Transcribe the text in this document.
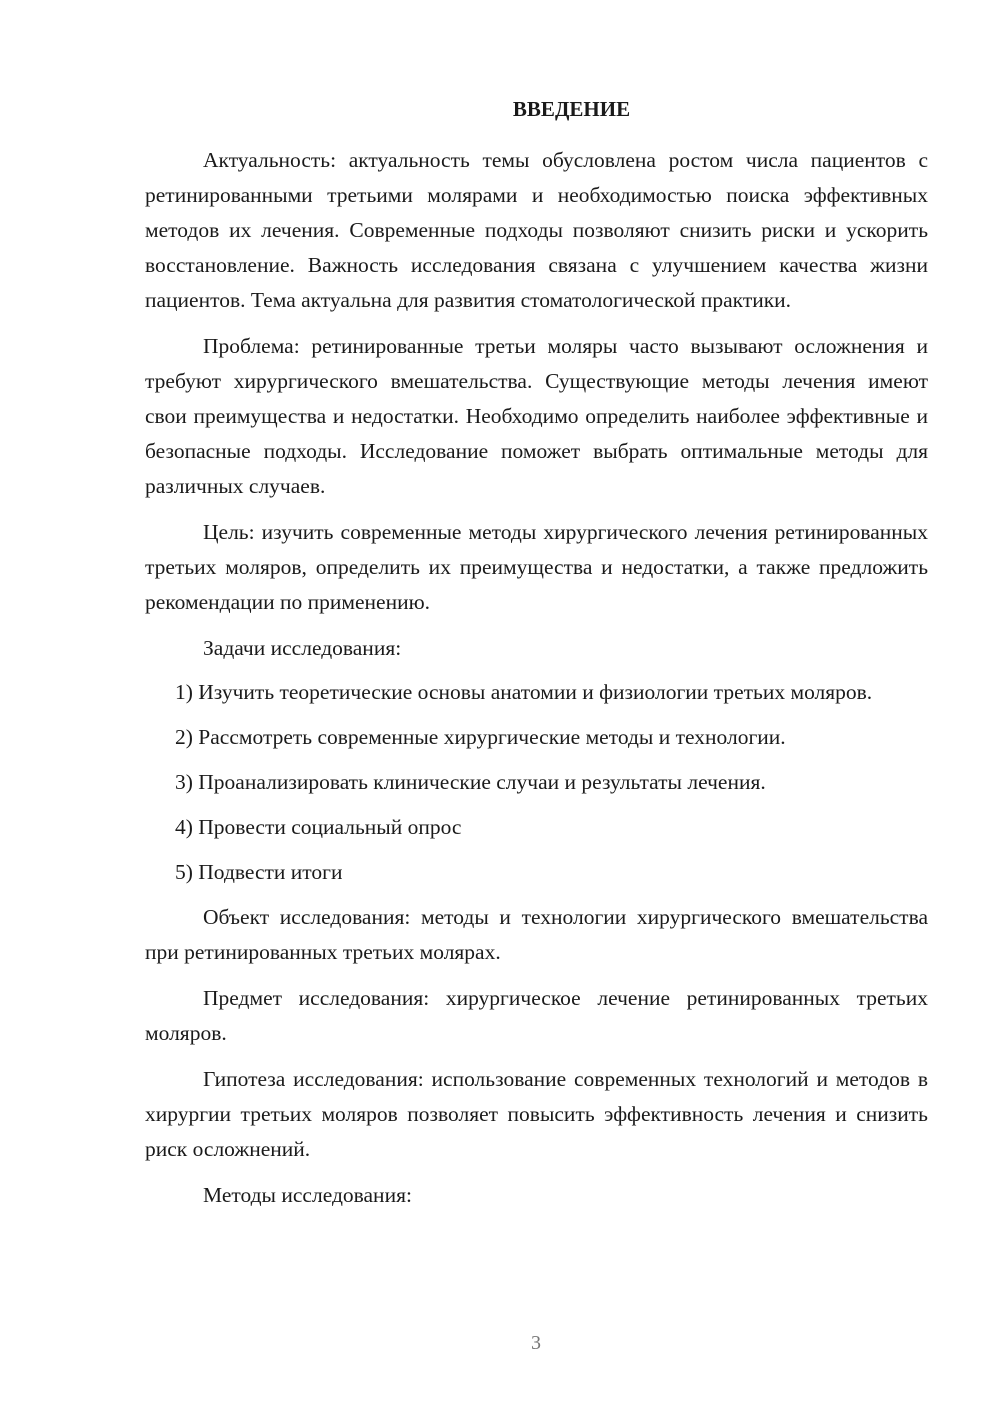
ВВЕДЕНИЕ

Актуальность: актуальность темы обусловлена ростом числа пациентов с ретинированными третьими молярами и необходимостью поиска эффективных методов их лечения. Современные подходы позволяют снизить риски и ускорить восстановление. Важность исследования связана с улучшением качества жизни пациентов. Тема актуальна для развития стоматологической практики.

Проблема: ретинированные третьи моляры часто вызывают осложнения и требуют хирургического вмешательства. Существующие методы лечения имеют свои преимущества и недостатки. Необходимо определить наиболее эффективные и безопасные подходы. Исследование поможет выбрать оптимальные методы для различных случаев.

Цель: изучить современные методы хирургического лечения ретинированных третьих моляров, определить их преимущества и недостатки, а также предложить рекомендации по применению.

Задачи исследования:

1) Изучить теоретические основы анатомии и физиологии третьих моляров.

2) Рассмотреть современные хирургические методы и технологии.

3) Проанализировать клинические случаи и результаты лечения.

4) Провести социальный опрос

5) Подвести итоги

Объект исследования: методы и технологии хирургического вмешательства при ретинированных третьих молярах.

Предмет исследования: хирургическое лечение ретинированных третьих моляров.

Гипотеза исследования: использование современных технологий и методов в хирургии третьих моляров позволяет повысить эффективность лечения и снизить риск осложнений.

Методы исследования:

3
